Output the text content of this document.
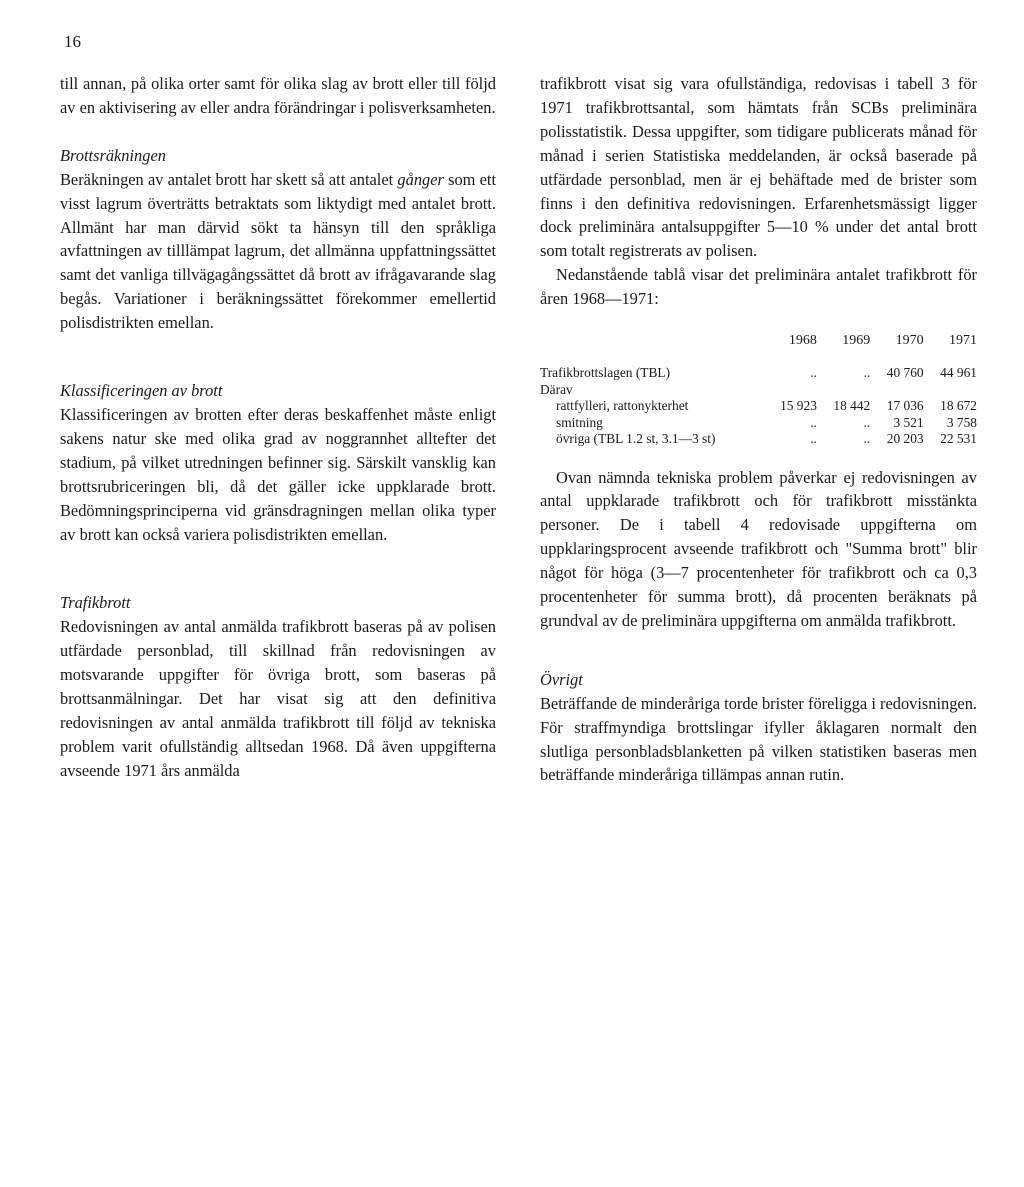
16

till annan, på olika orter samt för olika slag av brott eller till följd av en aktivisering av eller andra förändringar i polisverksamheten.

Brottsräkningen

Beräkningen av antalet brott har skett så att antalet gånger som ett visst lagrum överträtts betraktats som liktydigt med antalet brott. Allmänt har man därvid sökt ta hänsyn till den språkliga avfattningen av tilllämpat lagrum, det allmänna uppfattningssättet samt det vanliga tillvägagångssättet då brott av ifrågavarande slag begås. Variationer i beräkningssättet förekommer emellertid polisdistrikten emellan.

Klassificeringen av brott

Klassificeringen av brotten efter deras beskaffenhet måste enligt sakens natur ske med olika grad av noggrannhet alltefter det stadium, på vilket utredningen befinner sig. Särskilt vansklig kan brottsrubriceringen bli, då det gäller icke uppklarade brott. Bedömningsprinciperna vid gränsdragningen mellan olika typer av brott kan också variera polisdistrikten emellan.

Trafikbrott

Redovisningen av antal anmälda trafikbrott baseras på av polisen utfärdade personblad, till skillnad från redovisningen av motsvarande uppgifter för övriga brott, som baseras på brottsanmälningar. Det har visat sig att den definitiva redovisningen av antal anmälda trafikbrott till följd av tekniska problem varit ofullständig alltsedan 1968. Då även uppgifterna avseende 1971 års anmälda

trafikbrott visat sig vara ofullständiga, redovisas i tabell 3 för 1971 trafikbrottsantal, som hämtats från SCBs preliminära polisstatistik. Dessa uppgifter, som tidigare publicerats månad för månad i serien Statistiska meddelanden, är också baserade på utfärdade personblad, men är ej behäftade med de brister som finns i den definitiva redovisningen. Erfarenhetsmässigt ligger dock preliminära antalsuppgifter 5—10 % under det antal brott som totalt registrerats av polisen.

Nedanstående tablå visar det preliminära antalet trafikbrott för åren 1968—1971:

	1968	1969	1970	1971
Trafikbrottslagen (TBL)	..	..	40 760	44 961
Därav				
rattfylleri, rattonykterhet	15 923	18 442	17 036	18 672
smitning	..	..	3 521	3 758
övriga (TBL 1.2 st, 3.1—3 st)	..	..	20 203	22 531

Ovan nämnda tekniska problem påverkar ej redovisningen av antal uppklarade trafikbrott och för trafikbrott misstänkta personer. De i tabell 4 redovisade uppgifterna om uppklaringsprocent avseende trafikbrott och "Summa brott" blir något för höga (3—7 procentenheter för trafikbrott och ca 0,3 procentenheter för summa brott), då procenten beräknats på grundval av de preliminära uppgifterna om anmälda trafikbrott.

Övrigt

Beträffande de minderåriga torde brister föreligga i redovisningen. För straffmyndiga brottslingar ifyller åklagaren normalt den slutliga personbladsblanketten på vilken statistiken baseras men beträffande minderåriga tillämpas annan rutin.
